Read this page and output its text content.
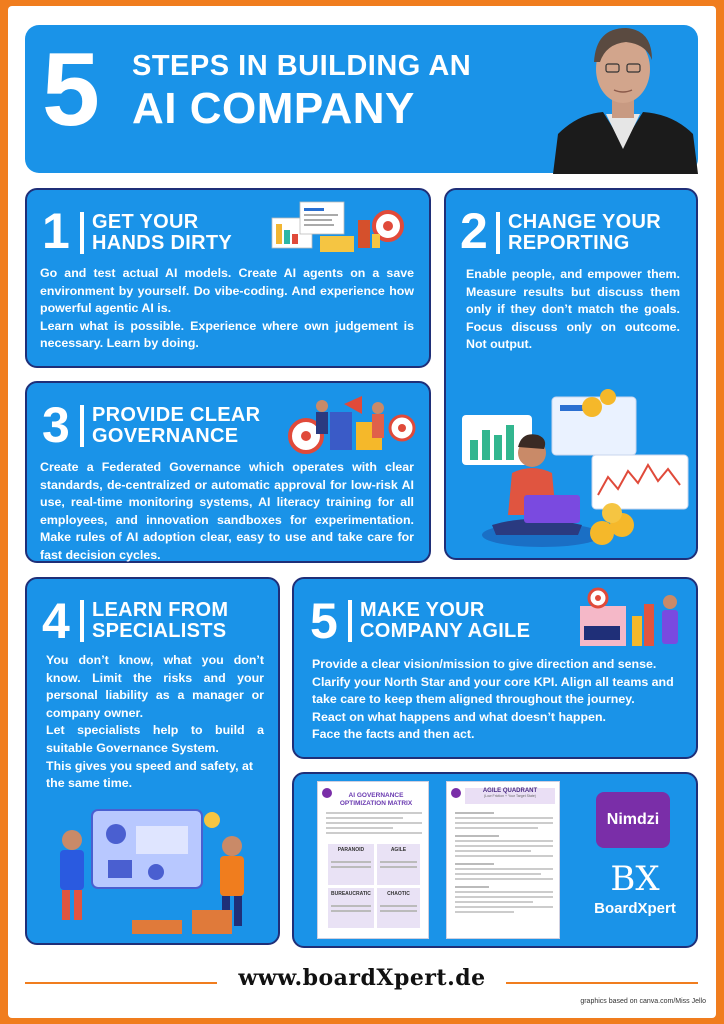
5 STEPS IN BUILDING AN
AI COMPANY
1 GET YOUR
HANDS DIRTY

Go and test actual AI models. Create AI agents on a save environment by yourself. Do vibe-coding. And experience how powerful agentic AI is.

Learn what is possible. Experience where own judgement is necessary. Learn by doing.

2 CHANGE YOUR
REPORTING

Enable people, and empower them. Measure results but discuss them only if they don’t match the goals. Focus discuss only on outcome. Not output.

3 PROVIDE CLEAR
GOVERNANCE

Create a Federated Governance which operates with clear standards, de-centralized or automatic approval for low-risk AI use, real-time monitoring systems, AI literacy training for all employees, and innovation sandboxes for experimentation. Make rules of AI adoption clear, easy to use and take care for fast decision cycles.

4 LEARN FROM
SPECIALISTS

You don’t know, what you don’t know. Limit the risks and your personal liability as a manager or company owner.

Let specialists help to build a suitable Governance System.

This gives you speed and safety, at the same time.

5 MAKE YOUR
COMPANY AGILE

Provide a clear vision/mission to give direction and sense. Clarify your North Star and your core KPI. Align all teams and take care to keep them aligned throughout the journey.

React on what happens and what doesn’t happen.

Face the facts and then act.

AI GOVERNANCE
OPTIMIZATION MATRIX
PARANOID	AGILE
BUREAUCRATIC	CHAOTIC
AGILE QUADRANT
(Low Friction + Your Target State)
Nimdzi
BX
BoardXpert
www.boardXpert.de
graphics based on canva.com/Miss Jello
